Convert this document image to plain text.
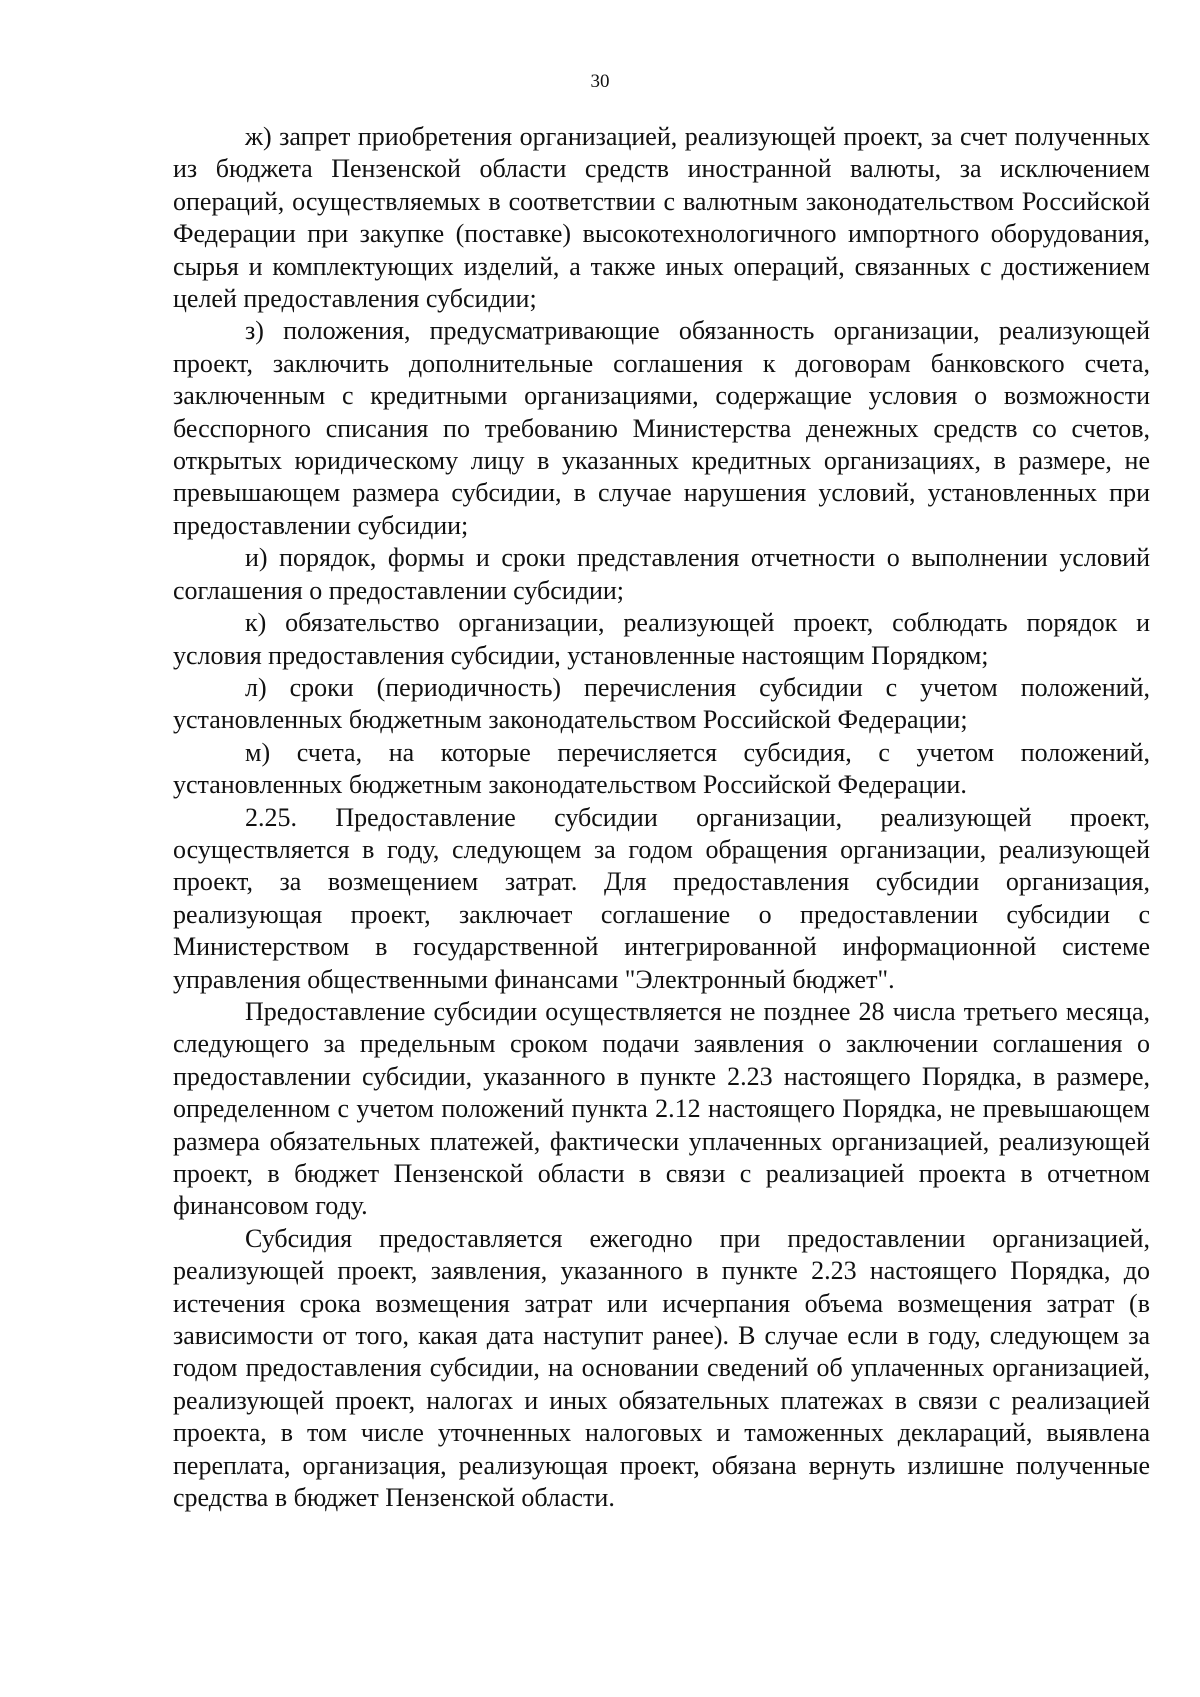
30

ж) запрет приобретения организацией, реализующей проект, за счет полученных из бюджета Пензенской области средств иностранной валюты, за исключением операций, осуществляемых в соответствии с валютным законодательством Российской Федерации при закупке (поставке) высокотехнологичного импортного оборудования, сырья и комплектующих изделий, а также иных операций, связанных с достижением целей предоставления субсидии;

з) положения, предусматривающие обязанность организации, реализующей проект, заключить дополнительные соглашения к договорам банковского счета, заключенным с кредитными организациями, содержащие условия о возможности бесспорного списания по требованию Министерства денежных средств со счетов, открытых юридическому лицу в указанных кредитных организациях, в размере, не превышающем размера субсидии, в случае нарушения условий, установленных при предоставлении субсидии;

и) порядок, формы и сроки представления отчетности о выполнении условий соглашения о предоставлении субсидии;

к) обязательство организации, реализующей проект, соблюдать порядок и условия предоставления субсидии, установленные настоящим Порядком;

л) сроки (периодичность) перечисления субсидии с учетом положений, установленных бюджетным законодательством Российской Федерации;

м) счета, на которые перечисляется субсидия, с учетом положений, установленных бюджетным законодательством Российской Федерации.

2.25. Предоставление субсидии организации, реализующей проект, осуществляется в году, следующем за годом обращения организации, реализующей проект, за возмещением затрат. Для предоставления субсидии организация, реализующая проект, заключает соглашение о предоставлении субсидии с Министерством в государственной интегрированной информационной системе управления общественными финансами "Электронный бюджет".

Предоставление субсидии осуществляется не позднее 28 числа третьего месяца, следующего за предельным сроком подачи заявления о заключении соглашения о предоставлении субсидии, указанного в пункте 2.23 настоящего Порядка, в размере, определенном с учетом положений пункта 2.12 настоящего Порядка, не превышающем размера обязательных платежей, фактически уплаченных организацией, реализующей проект, в бюджет Пензенской области в связи с реализацией проекта в отчетном финансовом году.

Субсидия предоставляется ежегодно при предоставлении организацией, реализующей проект, заявления, указанного в пункте 2.23 настоящего Порядка, до истечения срока возмещения затрат или исчерпания объема возмещения затрат (в зависимости от того, какая дата наступит ранее). В случае если в году, следующем за годом предоставления субсидии, на основании сведений об уплаченных организацией, реализующей проект, налогах и иных обязательных платежах в связи с реализацией проекта, в том числе уточненных налоговых и таможенных деклараций, выявлена переплата, организация, реализующая проект, обязана вернуть излишне полученные средства в бюджет Пензенской области.
